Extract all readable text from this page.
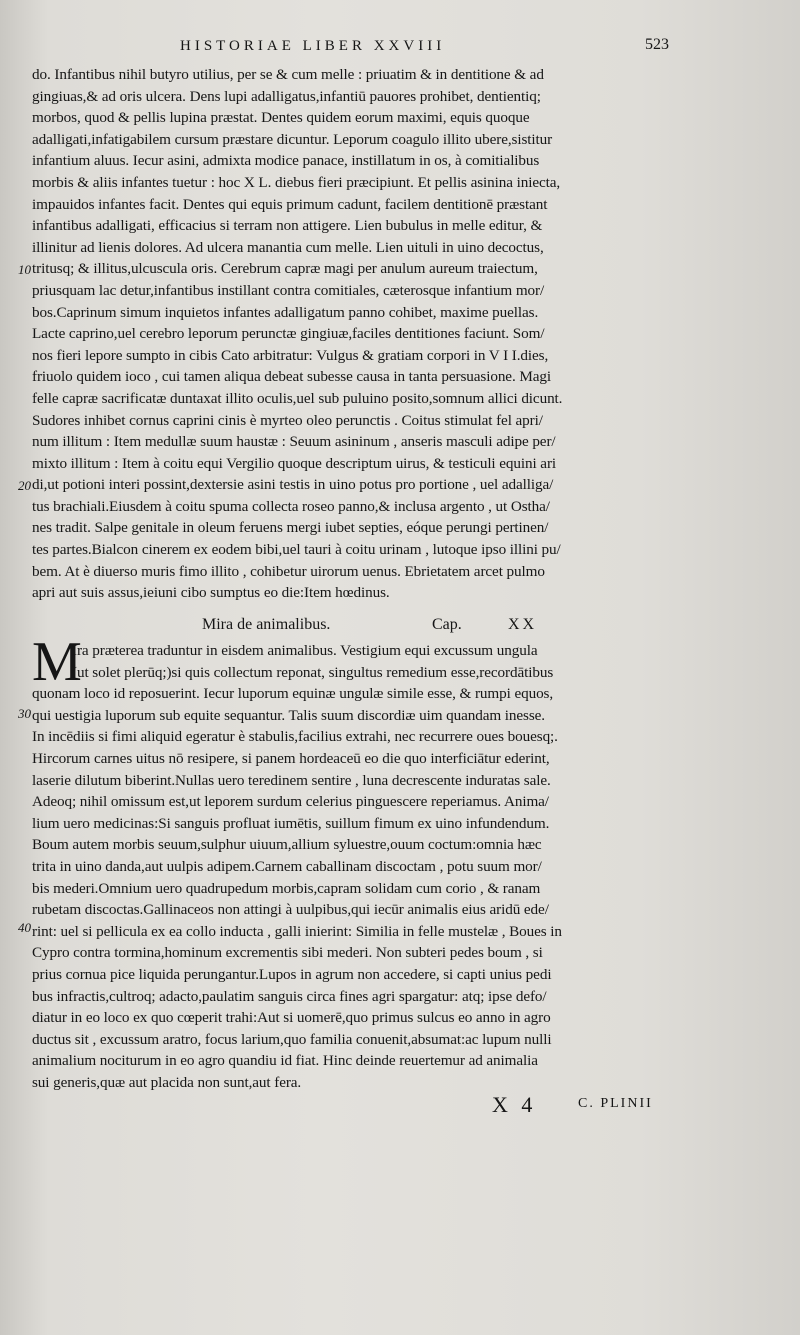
HISTORIAE LIBER XXVIII	523
10
20
30
40
do. Infantibus nihil butyro utilius, per se & cum melle : priuatim & in dentitione & ad
gingiuas,& ad oris ulcera. Dens lupi adalligatus,infantiū pauores prohibet, dentientiq;
morbos, quod & pellis lupina præstat. Dentes quidem eorum maximi, equis quoque
adalligati,infatigabilem cursum præstare dicuntur. Leporum coagulo illito ubere,sistitur
infantium aluus. Iecur asini, admixta modice panace, instillatum in os, à comitialibus
morbis & aliis infantes tuetur : hoc X L. diebus fieri præcipiunt. Et pellis asinina iniecta,
impauidos infantes facit. Dentes qui equis primum cadunt, facilem dentitionē præstant
infantibus adalligati, efficacius si terram non attigere. Lien bubulus in melle editur, &
illinitur ad lienis dolores. Ad ulcera manantia cum melle. Lien uituli in uino decoctus,
tritusq; & illitus,ulcuscula oris. Cerebrum capræ magi per anulum aureum traiectum,
priusquam lac detur,infantibus instillant contra comitiales, cæterosque infantium mor/
bos.Caprinum simum inquietos infantes adalligatum panno cohibet, maxime puellas.
Lacte caprino,uel cerebro leporum perunctæ gingiuæ,faciles dentitiones faciunt. Som/
nos fieri lepore sumpto in cibis Cato arbitratur: Vulgus & gratiam corpori in V I I.dies,
friuolo quidem ioco , cui tamen aliqua debeat subesse causa in tanta persuasione. Magi
felle capræ sacrificatæ duntaxat illito oculis,uel sub puluino posito,somnum allici dicunt.
Sudores inhibet cornus caprini cinis è myrteo oleo perunctis . Coitus stimulat fel apri/
num illitum : Item medullæ suum haustæ : Seuum asininum , anseris masculi adipe per/
mixto illitum : Item à coitu equi Vergilio quoque descriptum uirus, & testiculi equini ari
di,ut potioni interi possint,dextersie asini testis in uino potus pro portione , uel adalliga/
tus brachiali.Eiusdem à coitu spuma collecta roseo panno,& inclusa argento , ut Ostha/
nes tradit. Salpe genitale in oleum feruens mergi iubet septies, eóque perungi pertinen/
tes partes.Bialcon cinerem ex eodem bibi,uel tauri à coitu urinam , lutoque ipso illini pu/
bem. At è diuerso muris fimo illito , cohibetur uirorum uenus. Ebrietatem arcet pulmo
apri aut suis assus,ieiuni cibo sumptus eo die:Item hœdinus.
Mira de animalibus.	Cap.	XX
M
Ira præterea traduntur in eisdem animalibus. Vestigium equi excussum ungula
(ut solet plerūq;)si quis collectum reponat, singultus remedium esse,recordātibus
quonam loco id reposuerint. Iecur luporum equinæ ungulæ simile esse, & rumpi equos,
qui uestigia luporum sub equite sequantur. Talis suum discordiæ uim quandam inesse.
In incēdiis si fimi aliquid egeratur è stabulis,facilius extrahi, nec recurrere oues bouesq;.
Hircorum carnes uitus nō resipere, si panem hordeaceū eo die quo interficiātur ederint,
laserie dilutum biberint.Nullas uero teredinem sentire , luna decrescente induratas sale.
Adeoq; nihil omissum est,ut leporem surdum celerius pinguescere reperiamus. Anima/
lium uero medicinas:Si sanguis profluat iumētis, suillum fimum ex uino infundendum.
Boum autem morbis seuum,sulphur uiuum,allium syluestre,ouum coctum:omnia hæc
trita in uino danda,aut uulpis adipem.Carnem caballinam discoctam , potu suum mor/
bis mederi.Omnium uero quadrupedum morbis,capram solidam cum corio , & ranam
rubetam discoctas.Gallinaceos non attingi à uulpibus,qui iecūr animalis eius aridū ede/
rint: uel si pellicula ex ea collo inducta , galli inierint: Similia in felle mustelæ , Boues in
Cypro contra tormina,hominum excrementis sibi mederi. Non subteri pedes boum , si
prius cornua pice liquida perungantur.Lupos in agrum non accedere, si capti unius pedi
bus infractis,cultroq; adacto,paulatim sanguis circa fines agri spargatur: atq; ipse defo/
diatur in eo loco ex quo cœperit trahi:Aut si uomerē,quo primus sulcus eo anno in agro
ductus sit , excussum aratro, focus larium,quo familia conuenit,absumat:ac lupum nulli
animalium nociturum in eo agro quandiu id fiat. Hinc deinde reuertemur ad animalia
sui generis,quæ aut placida non sunt,aut fera.
X 4	C. PLINII
